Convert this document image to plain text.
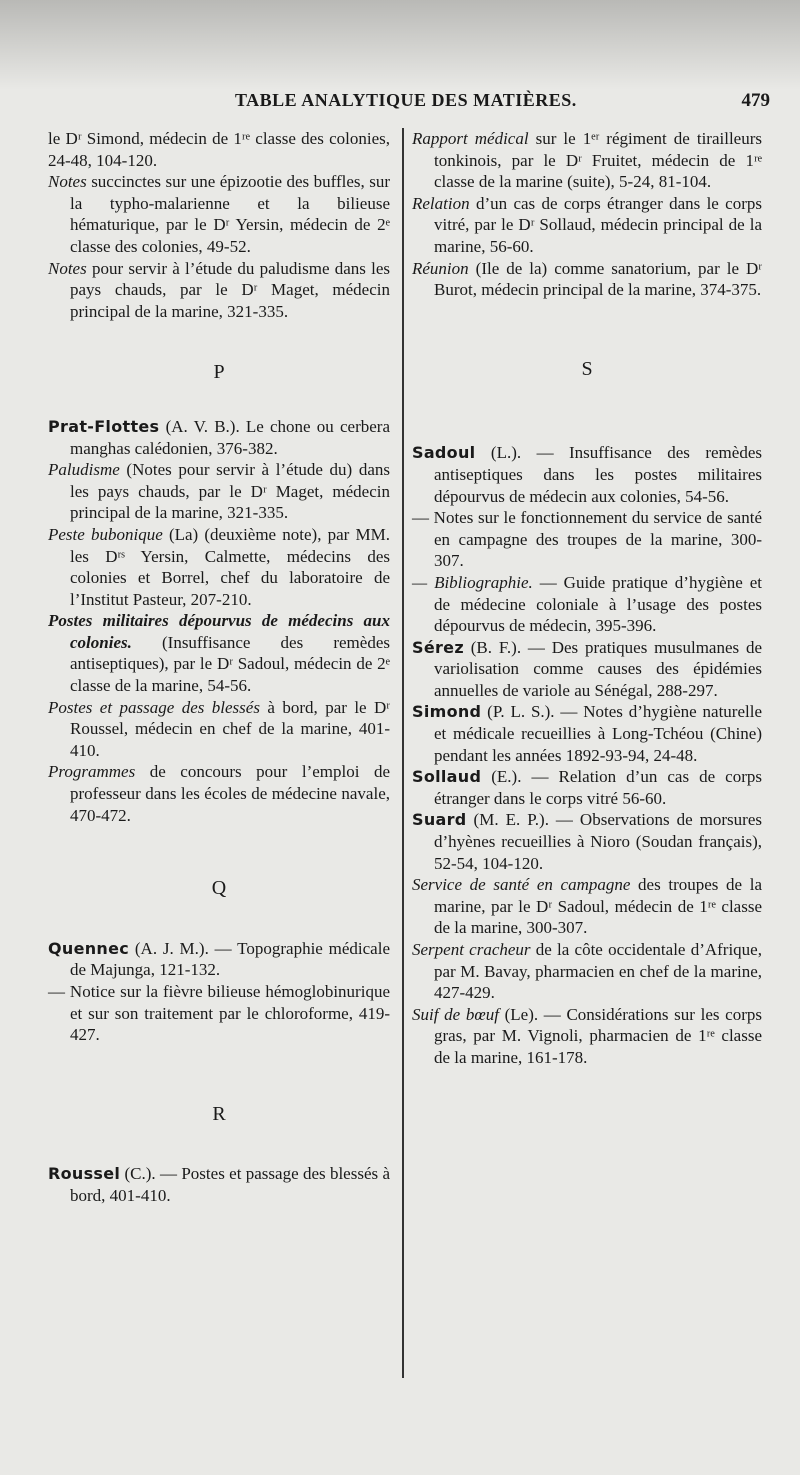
TABLE ANALYTIQUE DES MATIÈRES.	479

le Dʳ Simond, médecin de 1ʳᵉ classe des colonies, 24-48, 104-120.

Notes succinctes sur une épizootie des buffles, sur la typho-malarienne et la bilieuse hématurique, par le Dʳ Yersin, médecin de 2ᵉ classe des colonies, 49-52.

Notes pour servir à l’étude du paludisme dans les pays chauds, par le Dʳ Maget, médecin principal de la marine, 321-335.

P

Prat-Flottes (A. V. B.). Le chone ou cerbera manghas calédonien, 376-382.

Paludisme (Notes pour servir à l’étude du) dans les pays chauds, par le Dʳ Maget, médecin principal de la marine, 321-335.

Peste bubonique (La) (deuxième note), par MM. les Dʳˢ Yersin, Calmette, médecins des colonies et Borrel, chef du laboratoire de l’Institut Pasteur, 207-210.

Postes militaires dépourvus de médecins aux colonies. (Insuffisance des remèdes antiseptiques), par le Dʳ Sadoul, médecin de 2ᵉ classe de la marine, 54-56.

Postes et passage des blessés à bord, par le Dʳ Roussel, médecin en chef de la marine, 401-410.

Programmes de concours pour l’emploi de professeur dans les écoles de médecine navale, 470-472.

Q

Quennec (A. J. M.). — Topographie médicale de Majunga, 121-132.

— Notice sur la fièvre bilieuse hémoglobinurique et sur son traitement par le chloroforme, 419-427.

R

Roussel (C.). — Postes et passage des blessés à bord, 401-410.

Rapport médical sur le 1ᵉʳ régiment de tirailleurs tonkinois, par le Dʳ Fruitet, médecin de 1ʳᵉ classe de la marine (suite), 5-24, 81-104.

Relation d’un cas de corps étranger dans le corps vitré, par le Dʳ Sollaud, médecin principal de la marine, 56-60.

Réunion (Ile de la) comme sanatorium, par le Dʳ Burot, médecin principal de la marine, 374-375.

S

Sadoul (L.). — Insuffisance des remèdes antiseptiques dans les postes militaires dépourvus de médecin aux colonies, 54-56.

— Notes sur le fonctionnement du service de santé en campagne des troupes de la marine, 300-307.

— Bibliographie. — Guide pratique d’hygiène et de médecine coloniale à l’usage des postes dépourvus de médecin, 395-396.

Sérez (B. F.). — Des pratiques musulmanes de variolisation comme causes des épidémies annuelles de variole au Sénégal, 288-297.

Simond (P. L. S.). — Notes d’hygiène naturelle et médicale recueillies à Long-Tchéou (Chine) pendant les années 1892-93-94, 24-48.

Sollaud (E.). — Relation d’un cas de corps étranger dans le corps vitré 56-60.

Suard (M. E. P.). — Observations de morsures d’hyènes recueillies à Nioro (Soudan français), 52-54, 104-120.

Service de santé en campagne des troupes de la marine, par le Dʳ Sadoul, médecin de 1ʳᵉ classe de la marine, 300-307.

Serpent cracheur de la côte occidentale d’Afrique, par M. Bavay, pharmacien en chef de la marine, 427-429.

Suif de bœuf (Le). — Considérations sur les corps gras, par M. Vignoli, pharmacien de 1ʳᵉ classe de la marine, 161-178.
